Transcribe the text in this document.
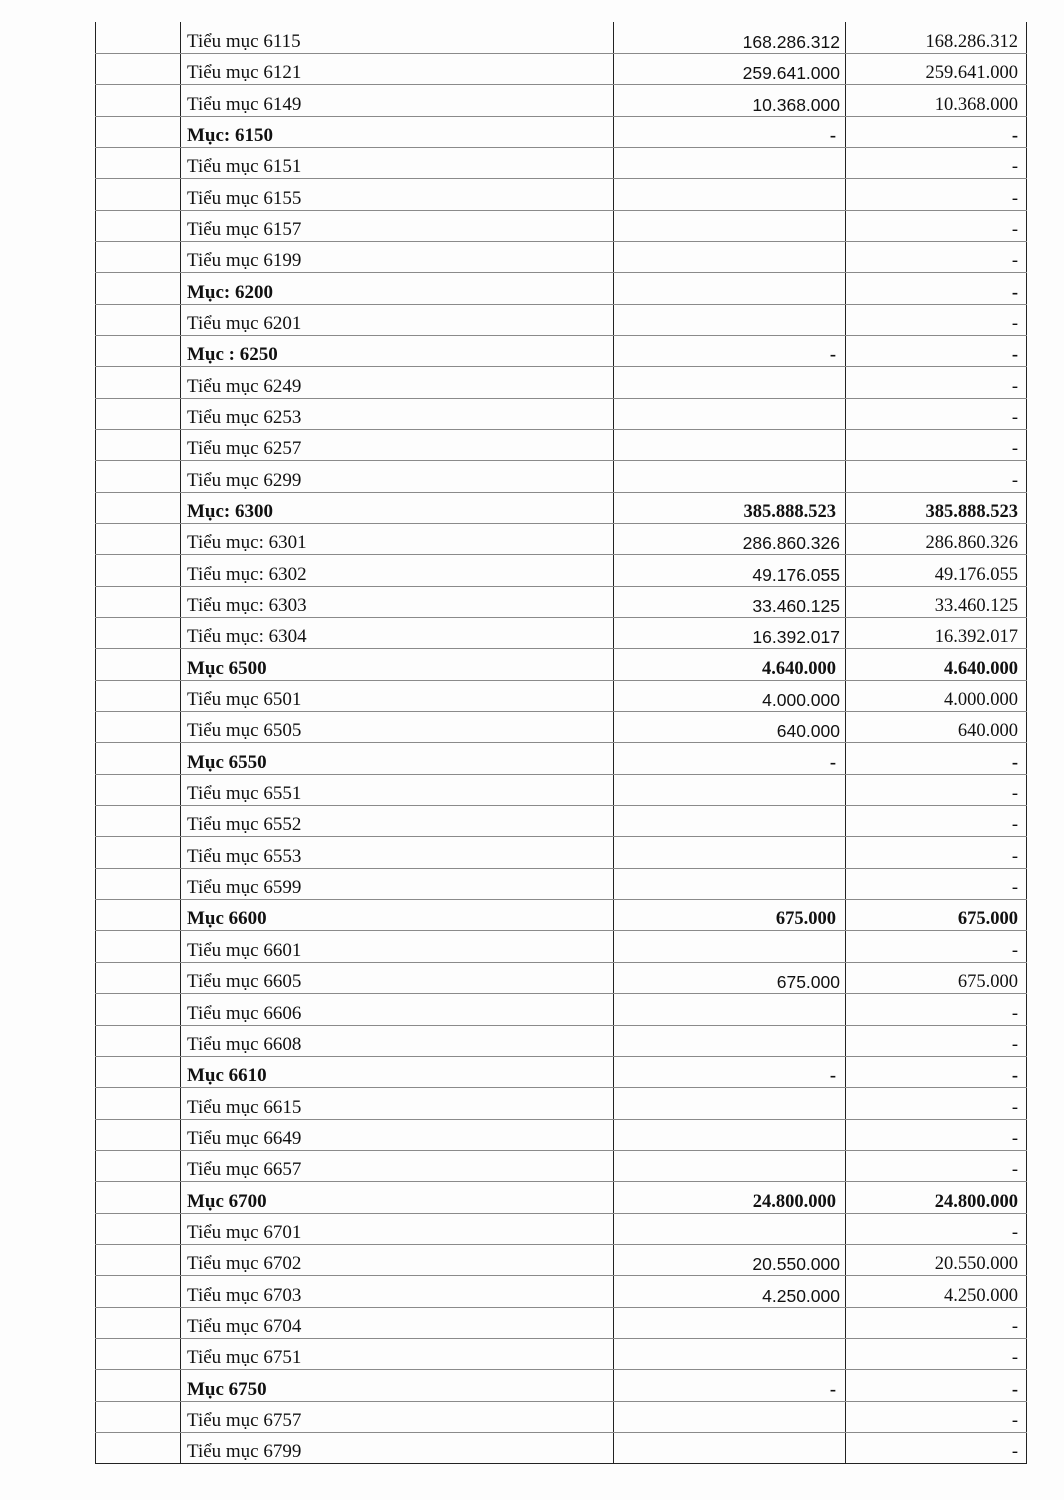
	Tiểu mục 6115	168.286.312	168.286.312
	Tiểu mục 6121	259.641.000	259.641.000
	Tiểu mục 6149	10.368.000	10.368.000
	Mục: 6150	-	-
	Tiểu mục 6151		-
	Tiểu mục 6155		-
	Tiểu mục 6157		-
	Tiểu mục 6199		-
	Mục: 6200		-
	Tiểu mục 6201		-
	Mục : 6250	-	-
	Tiểu mục 6249		-
	Tiểu mục 6253		-
	Tiểu mục 6257		-
	Tiểu mục 6299		-
	Mục: 6300	385.888.523	385.888.523
	Tiểu mục: 6301	286.860.326	286.860.326
	Tiểu mục: 6302	49.176.055	49.176.055
	Tiểu mục: 6303	33.460.125	33.460.125
	Tiểu mục: 6304	16.392.017	16.392.017
	Mục 6500	4.640.000	4.640.000
	Tiểu mục 6501	4.000.000	4.000.000
	Tiểu mục 6505	640.000	640.000
	Mục 6550	-	-
	Tiểu mục 6551		-
	Tiểu mục 6552		-
	Tiểu mục 6553		-
	Tiểu mục 6599		-
	Mục 6600	675.000	675.000
	Tiểu mục 6601		-
	Tiểu mục 6605	675.000	675.000
	Tiểu mục 6606		-
	Tiểu mục 6608		-
	Mục 6610	-	-
	Tiểu mục 6615		-
	Tiểu mục 6649		-
	Tiểu mục 6657		-
	Mục 6700	24.800.000	24.800.000
	Tiểu mục 6701		-
	Tiểu mục 6702	20.550.000	20.550.000
	Tiểu mục 6703	4.250.000	4.250.000
	Tiểu mục 6704		-
	Tiểu mục 6751		-
	Mục 6750	-	-
	Tiểu mục 6757		-
	Tiểu mục 6799		-
